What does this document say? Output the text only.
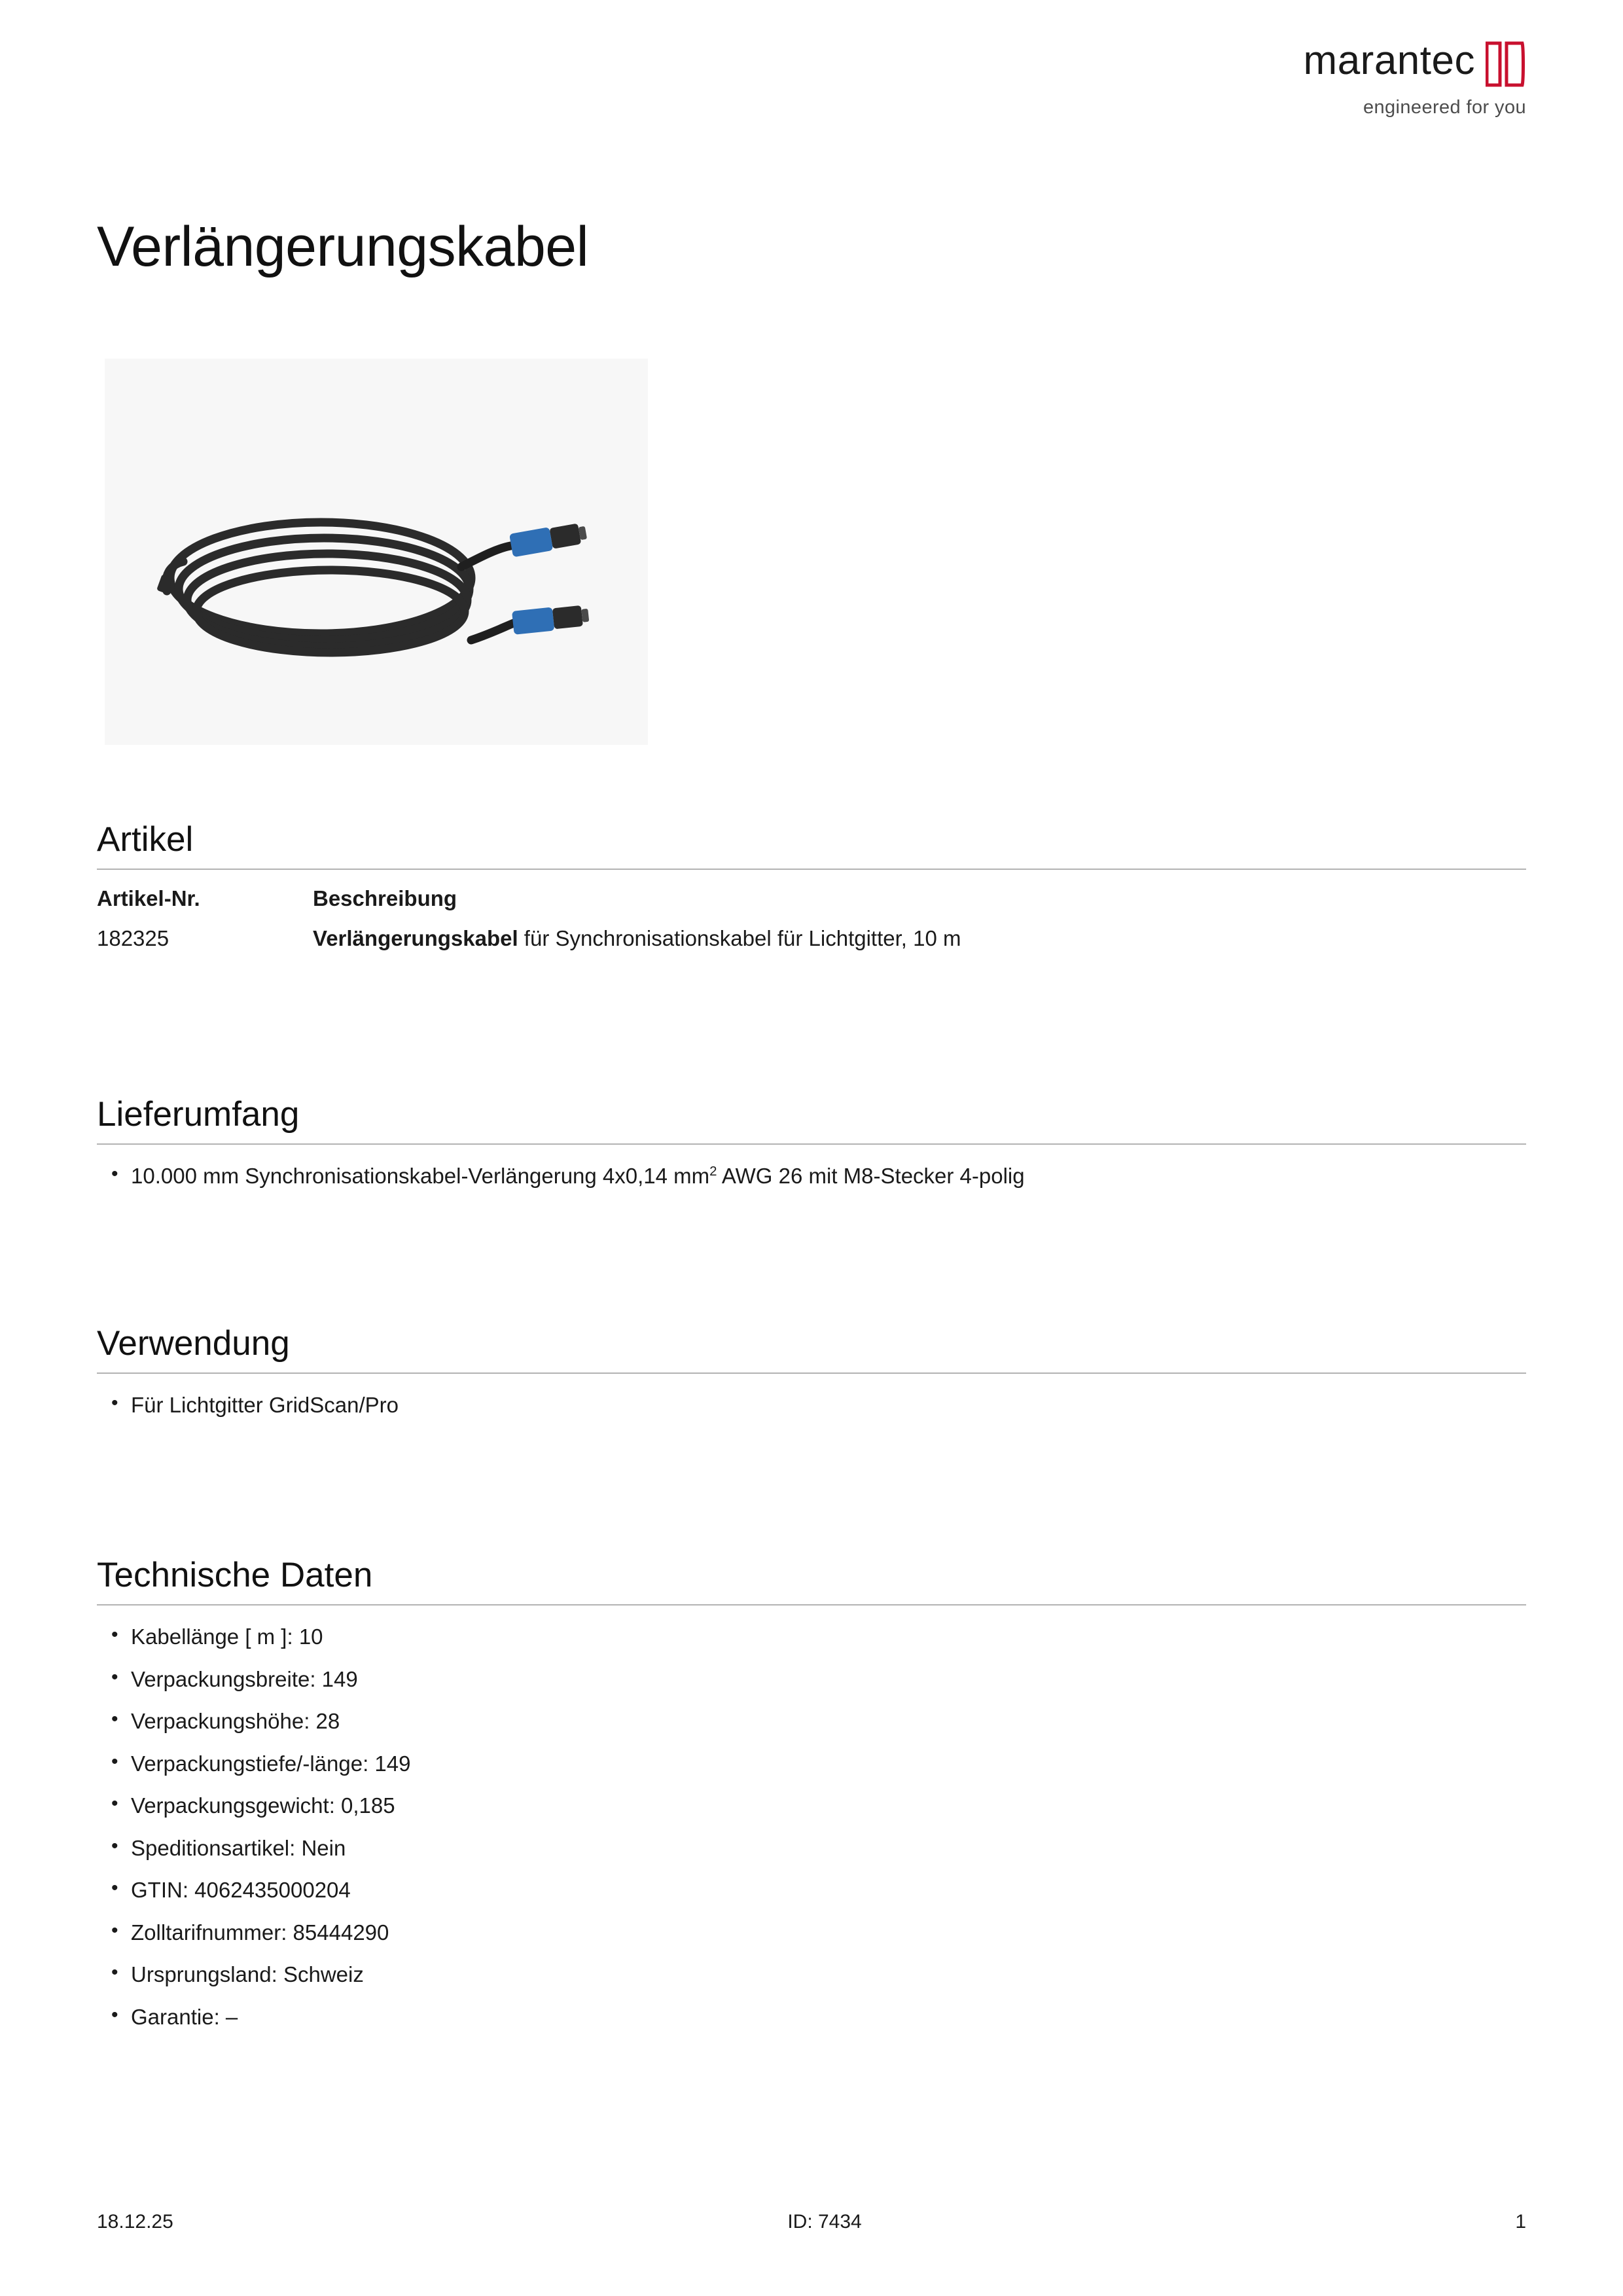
marantec
engineered for you
Verlängerungskabel
Artikel
Artikel-Nr.	Beschreibung
182325	Verlängerungskabel für Synchronisationskabel für Lichtgitter, 10 m
Lieferumfang
• 10.000 mm Synchronisationskabel-Verlängerung 4x0,14 $mm^2$ AWG 26 mit M8-Stecker 4-polig
Verwendung
• Für Lichtgitter GridScan/Pro
Technische Daten
• Kabellänge [ m ]: 10
• Verpackungsbreite: 149
• Verpackungshöhe: 28
• Verpackungstiefe/-länge: 149
• Verpackungsgewicht: 0,185
• Speditionsartikel: Nein
• GTIN: 4062435000204
• Zolltarifnummer: 85444290
• Ursprungsland: Schweiz
• Garantie: –
18.12.25	ID: 7434	1
